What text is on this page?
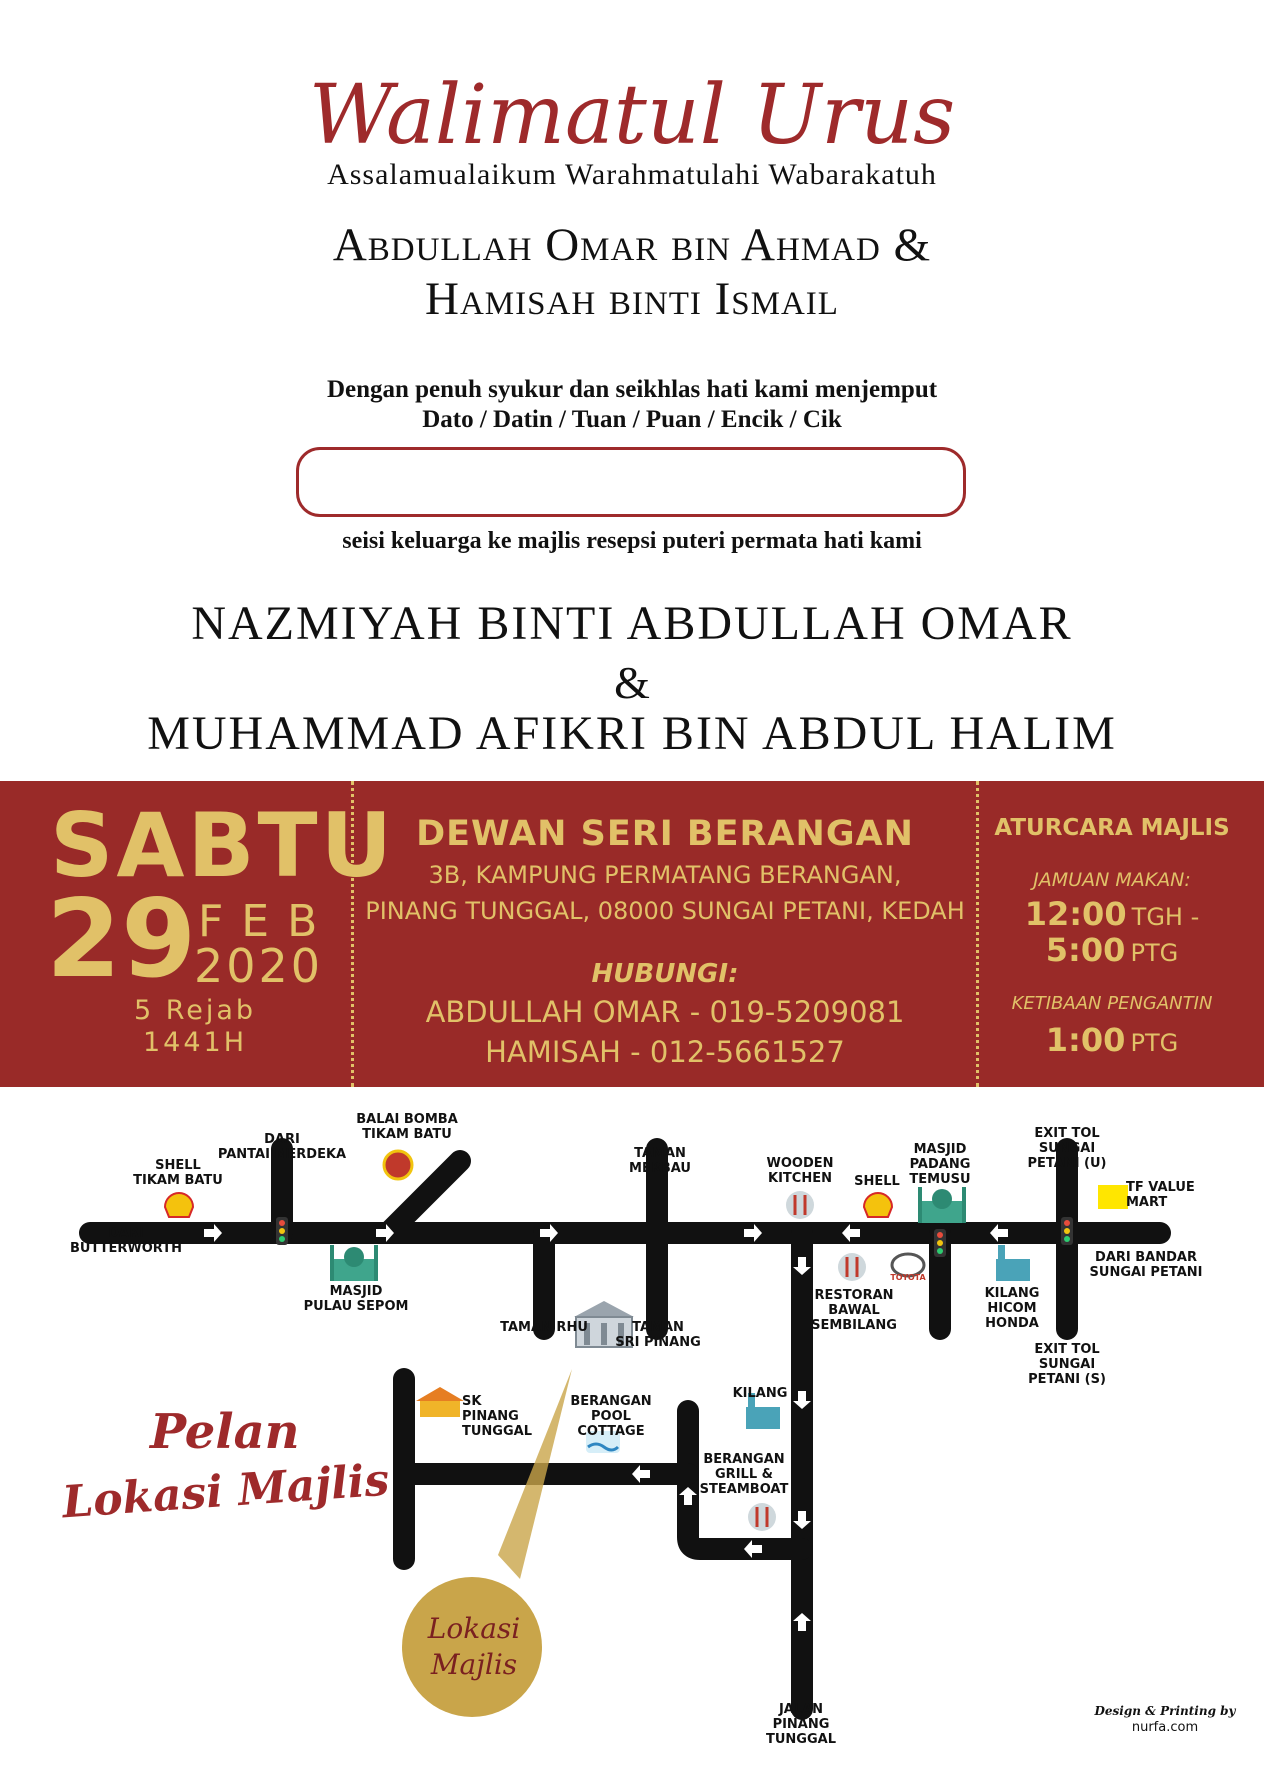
Walimatul Urus
Assalamualaikum Warahmatulahi Wabarakatuh
Abdullah Omar bin Ahmad &
Hamisah binti Ismail
Dengan penuh syukur dan seikhlas hati kami menjemput
Dato / Datin / Tuan / Puan / Encik / Cik
seisi keluarga ke majlis resepsi puteri permata hati kami
NAZMIYAH BINTI ABDULLAH OMAR
&
MUHAMMAD AFIKRI BIN ABDUL HALIM
SABTU
29 FEB
2020
5 Rejab
1441H
DEWAN SERI BERANGAN
3B, KAMPUNG PERMATANG BERANGAN,
PINANG TUNGGAL, 08000 SUNGAI PETANI, KEDAH
HUBUNGI:
ABDULLAH OMAR - 019-5209081
HAMISAH - 012-5661527
ATURCARA MAJLIS
JAMUAN MAKAN:
12:00 TGH -
5:00 PTG
KETIBAAN PENGANTIN
1:00 PTG
Pelan
Lokasi Majlis
Lokasi
Majlis
SHELL
TIKAM BATU
DARI
PANTAI MERDEKA
BALAI BOMBA
TIKAM BATU
DARI
BUTTERWORTH
MASJID
PULAU SEPOM
TAMAN
MERBAU
TAMAN RHU	TAMAN
SRI PINANG
WOODEN
KITCHEN	SHELL
MASJID
PADANG
TEMUSU
RESTORAN
BAWAL
SEMBILANG
TOYOTA
KILANG
HICOM
HONDA
EXIT TOL
SUNGAI
PETANI (U)
TF VALUE
MART
DARI BANDAR
SUNGAI PETANI
EXIT TOL
SUNGAI
PETANI (S)
SK PINANG
TUNGGAL
BERANGAN
POOL COTTAGE
KILANG
BERANGAN
GRILL &
STEAMBOAT
JALAN
PINANG TUNGGAL
Design & Printing by
nurfa.com
